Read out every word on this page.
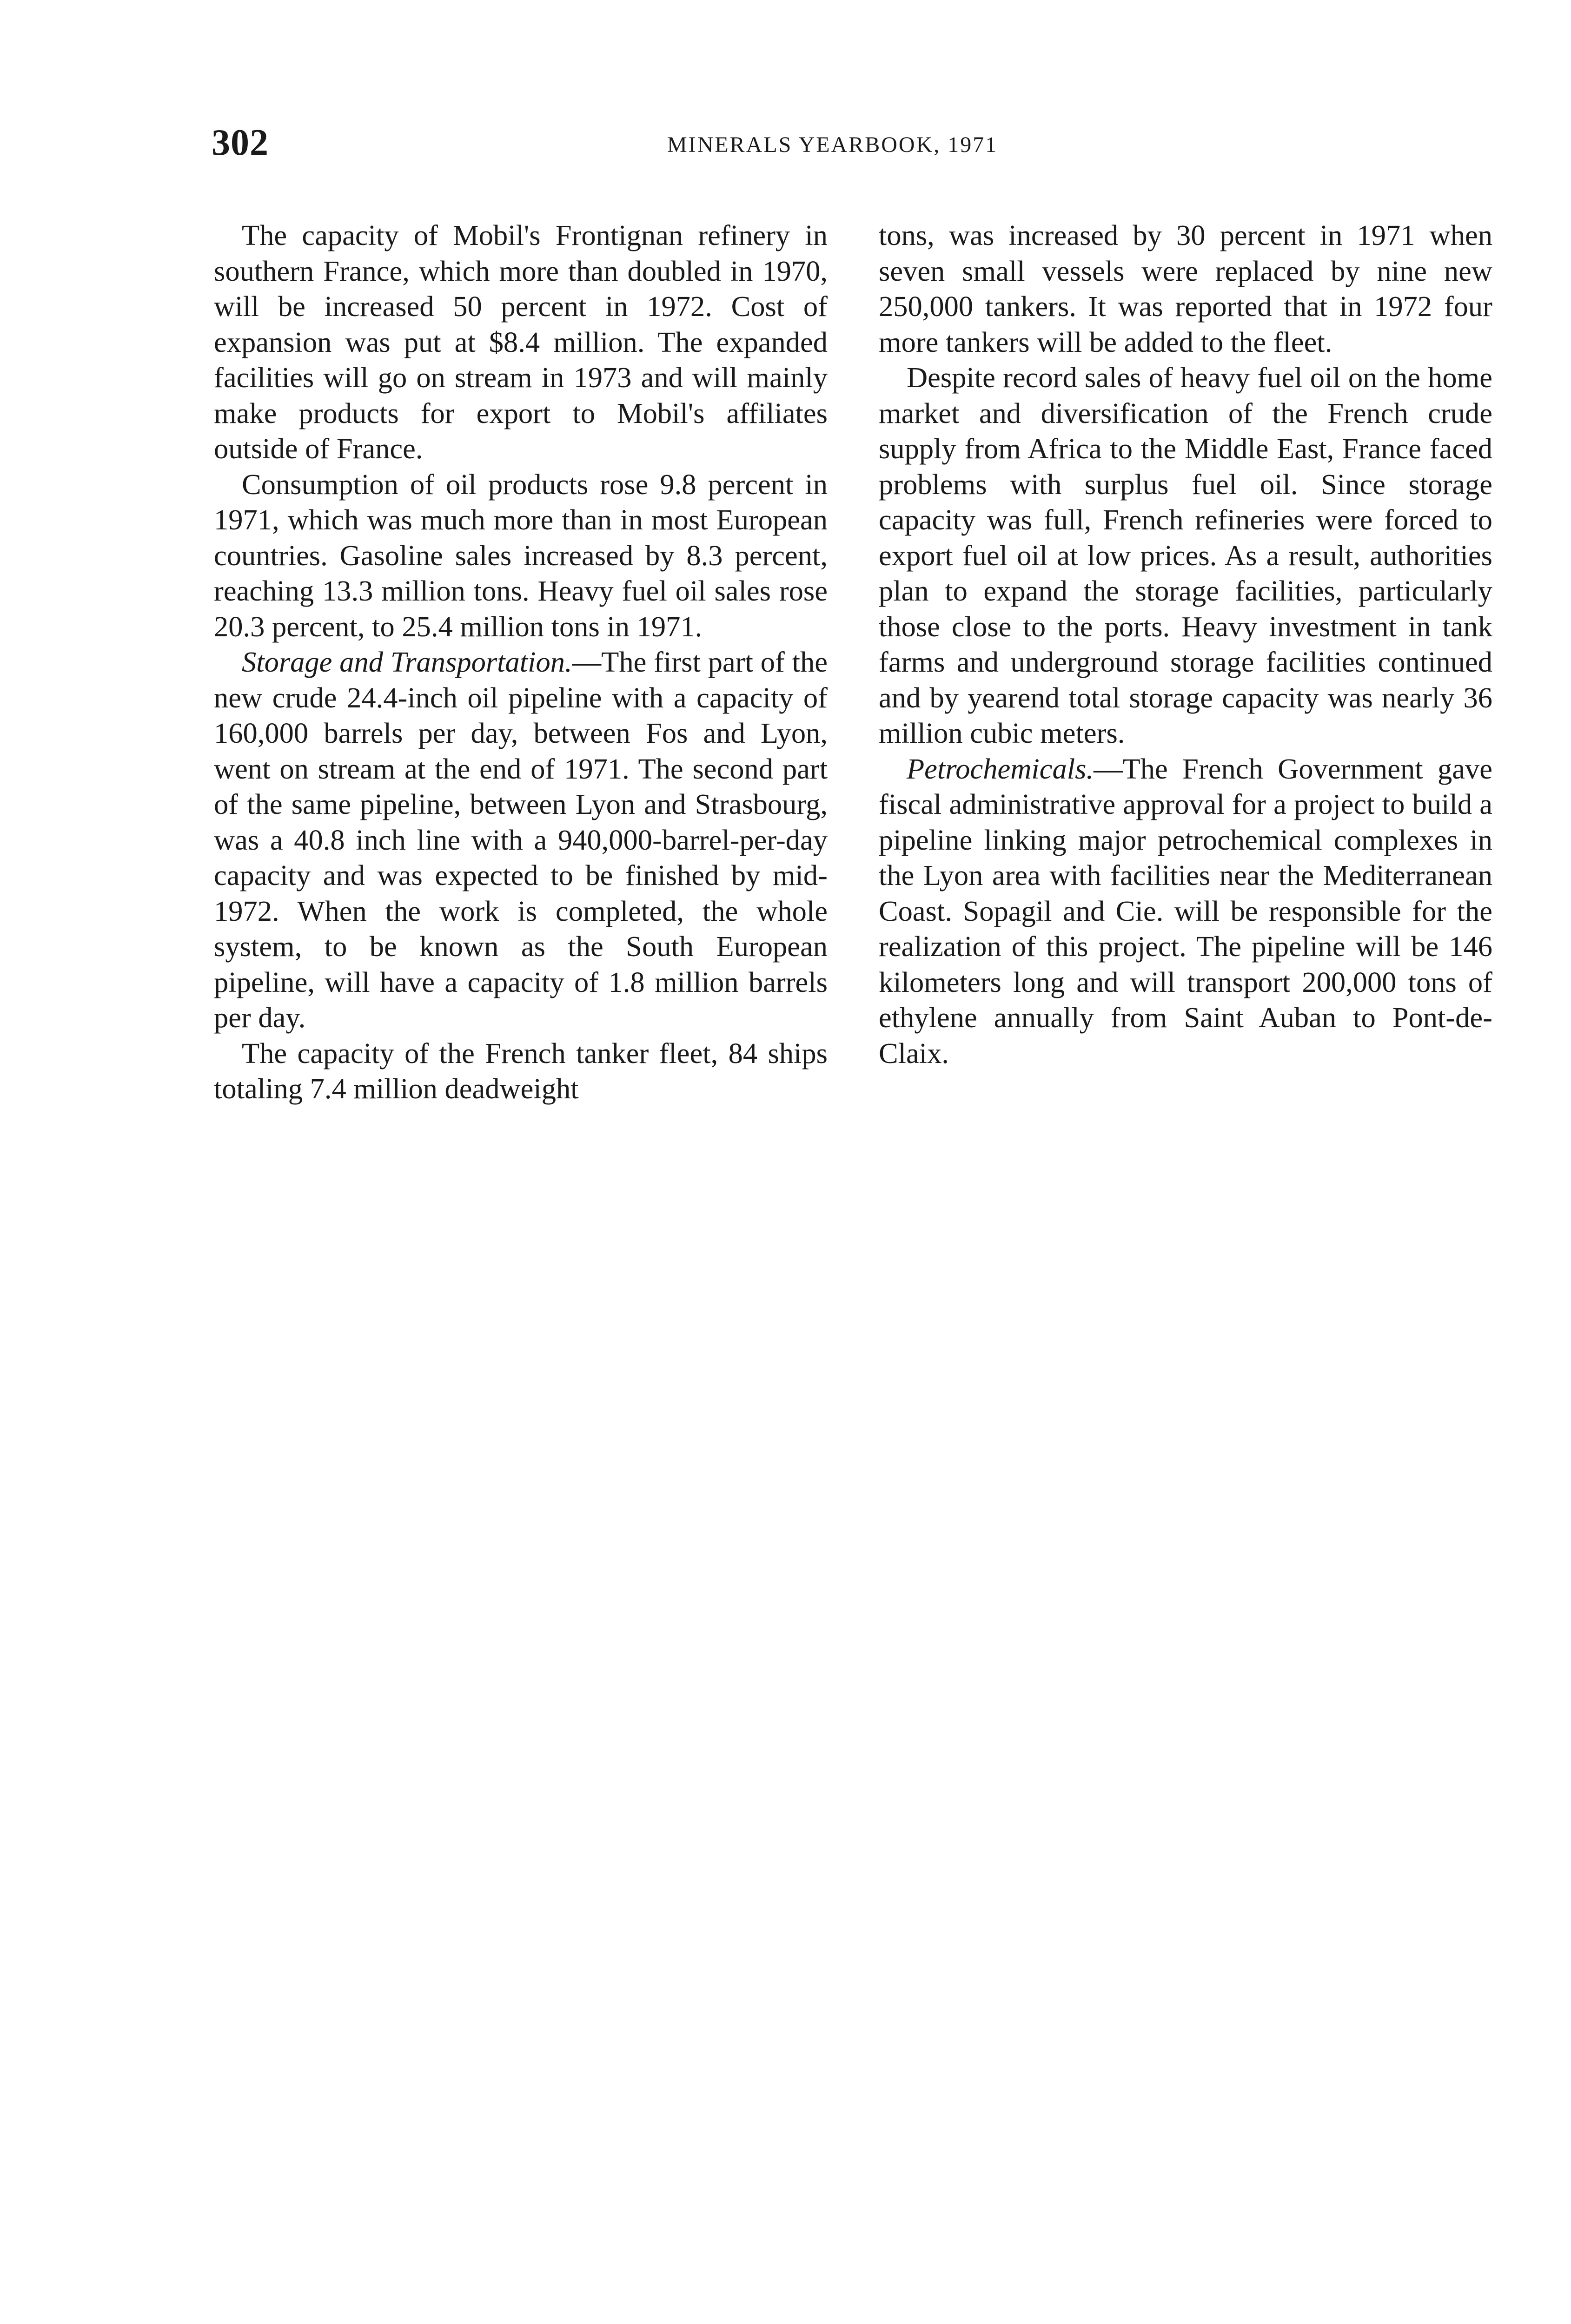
302	MINERALS YEARBOOK, 1971

The capacity of Mobil's Frontignan refinery in southern France, which more than doubled in 1970, will be increased 50 percent in 1972. Cost of expansion was put at $8.4 million. The expanded facilities will go on stream in 1973 and will mainly make products for export to Mobil's affiliates outside of France.

Consumption of oil products rose 9.8 percent in 1971, which was much more than in most European countries. Gasoline sales increased by 8.3 percent, reaching 13.3 million tons. Heavy fuel oil sales rose 20.3 percent, to 25.4 million tons in 1971.

Storage and Transportation.—The first part of the new crude 24.4-inch oil pipeline with a capacity of 160,000 barrels per day, between Fos and Lyon, went on stream at the end of 1971. The second part of the same pipeline, between Lyon and Strasbourg, was a 40.8 inch line with a 940,000-barrel-per-day capacity and was expected to be finished by mid-1972. When the work is completed, the whole system, to be known as the South European pipeline, will have a capacity of 1.8 million barrels per day.

The capacity of the French tanker fleet, 84 ships totaling 7.4 million deadweight

tons, was increased by 30 percent in 1971 when seven small vessels were replaced by nine new 250,000 tankers. It was reported that in 1972 four more tankers will be added to the fleet.

Despite record sales of heavy fuel oil on the home market and diversification of the French crude supply from Africa to the Middle East, France faced problems with surplus fuel oil. Since storage capacity was full, French refineries were forced to export fuel oil at low prices. As a result, authorities plan to expand the storage facilities, particularly those close to the ports. Heavy investment in tank farms and underground storage facilities continued and by yearend total storage capacity was nearly 36 million cubic meters.

Petrochemicals.—The French Government gave fiscal administrative approval for a project to build a pipeline linking major petrochemical complexes in the Lyon area with facilities near the Mediterranean Coast. Sopagil and Cie. will be responsible for the realization of this project. The pipeline will be 146 kilometers long and will transport 200,000 tons of ethylene annually from Saint Auban to Pont-de-Claix.
